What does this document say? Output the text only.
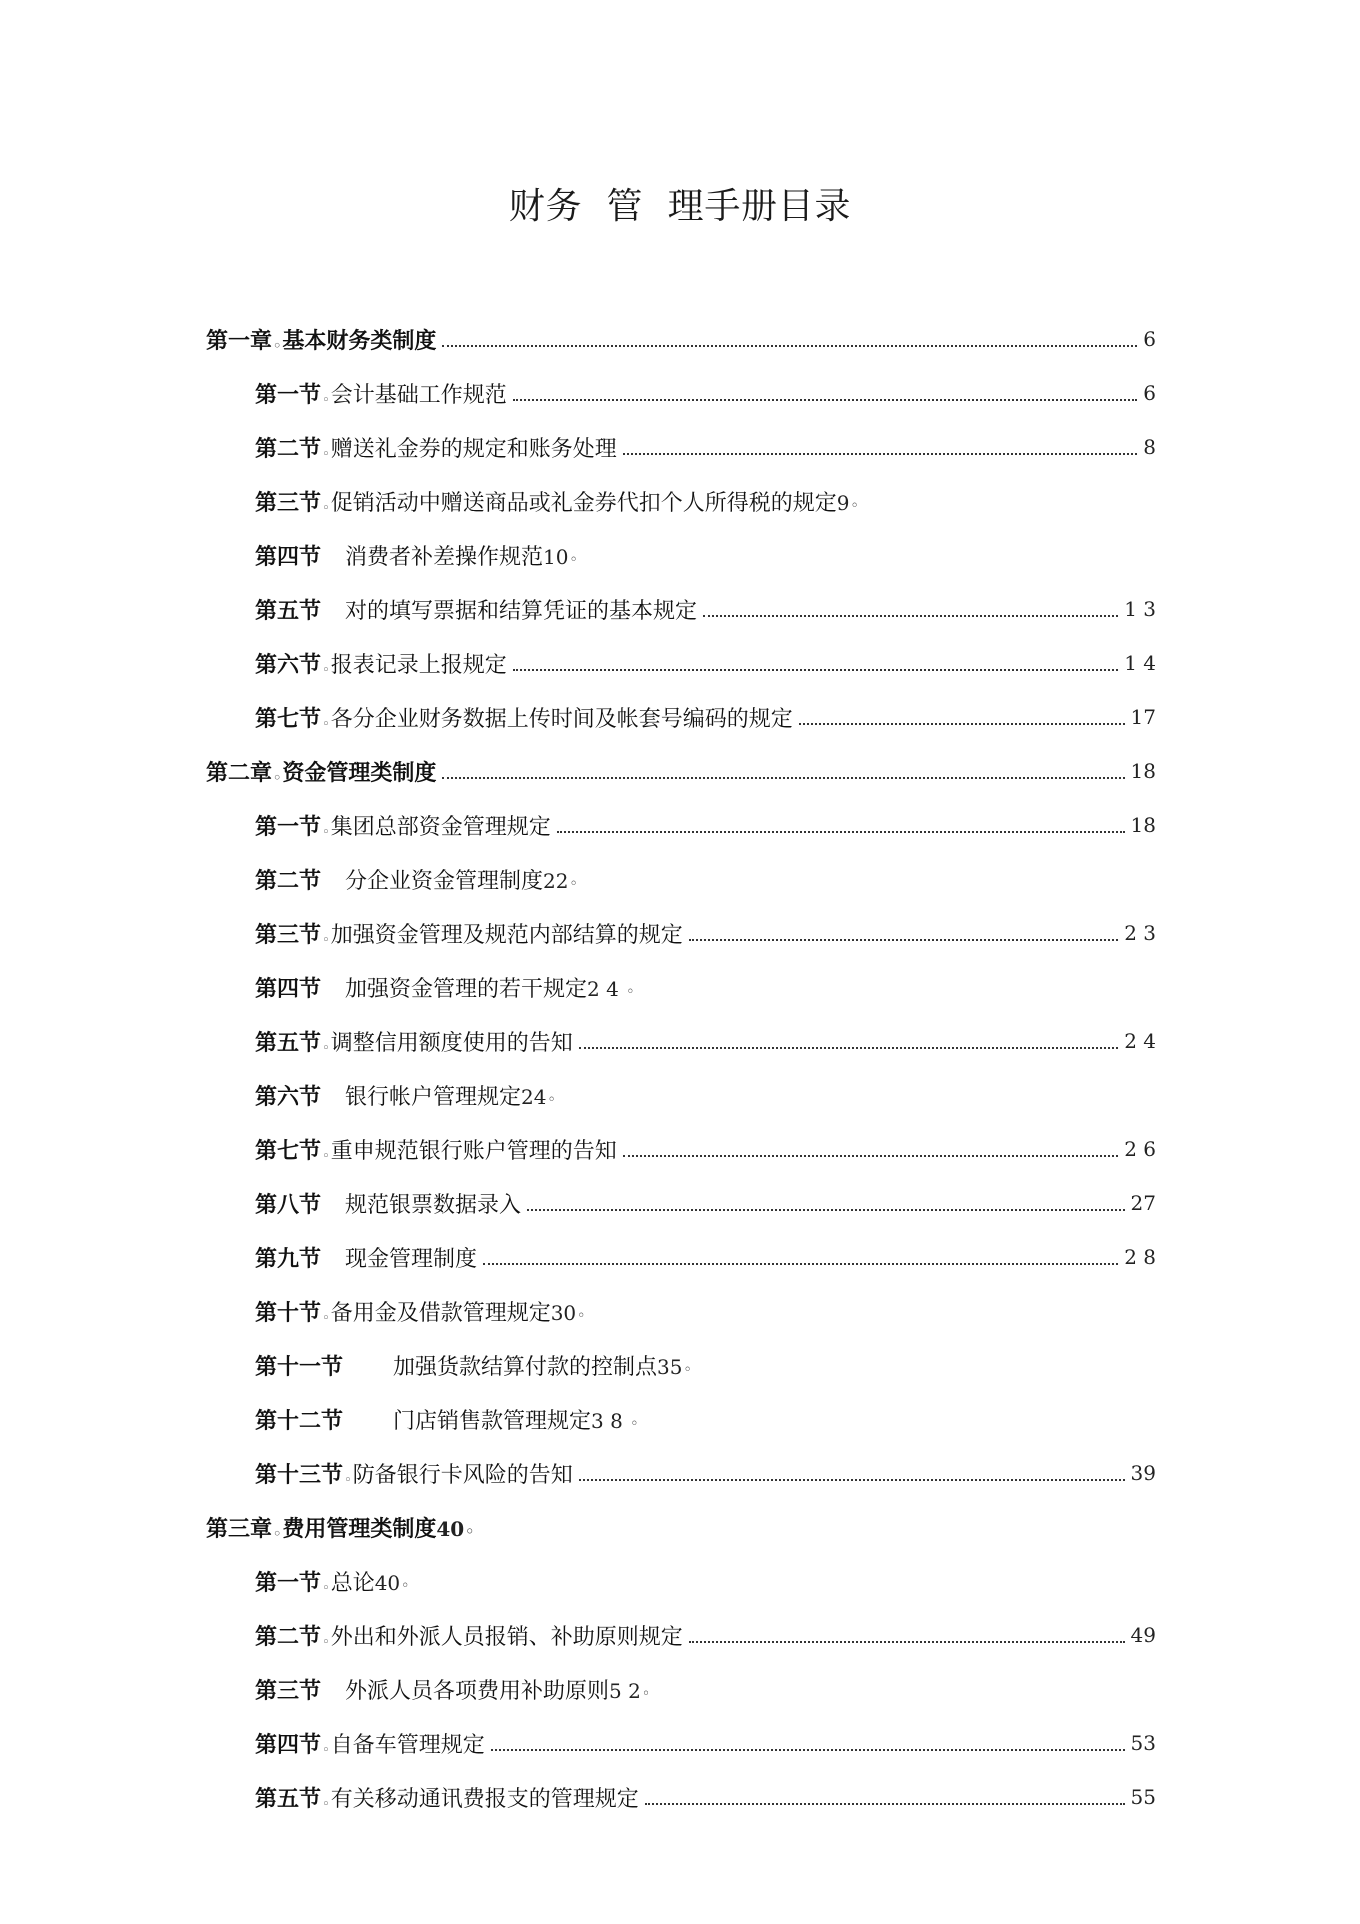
财务  管  理手册目录
第一章◦基本财务类制度	6
第一节◦会计基础工作规范	6
第二节◦赠送礼金券的规定和账务处理	8
第三节◦促销活动中赠送商品或礼金券代扣个人所得税的规定9◦
第四节 消费者补差操作规范10◦
第五节 对的填写票据和结算凭证的基本规定	1 3
第六节◦报表记录上报规定	1 4
第七节◦各分企业财务数据上传时间及帐套号编码的规定	17
第二章◦资金管理类制度	18
第一节◦集团总部资金管理规定	18
第二节 分企业资金管理制度22◦
第三节◦加强资金管理及规范内部结算的规定	2 3
第四节 加强资金管理的若干规定2 4 ◦
第五节◦调整信用额度使用的告知	2 4
第六节 银行帐户管理规定24◦
第七节◦重申规范银行账户管理的告知	2 6
第八节 规范银票数据录入	27
第九节 现金管理制度	2 8
第十节◦备用金及借款管理规定30◦
第十一节 加强货款结算付款的控制点35◦
第十二节 门店销售款管理规定3 8 ◦
第十三节◦防备银行卡风险的告知	39
第三章◦费用管理类制度40◦
第一节◦总论40◦
第二节◦外出和外派人员报销、补助原则规定	49
第三节 外派人员各项费用补助原则5 2◦
第四节◦自备车管理规定	53
第五节◦有关移动通讯费报支的管理规定	55
